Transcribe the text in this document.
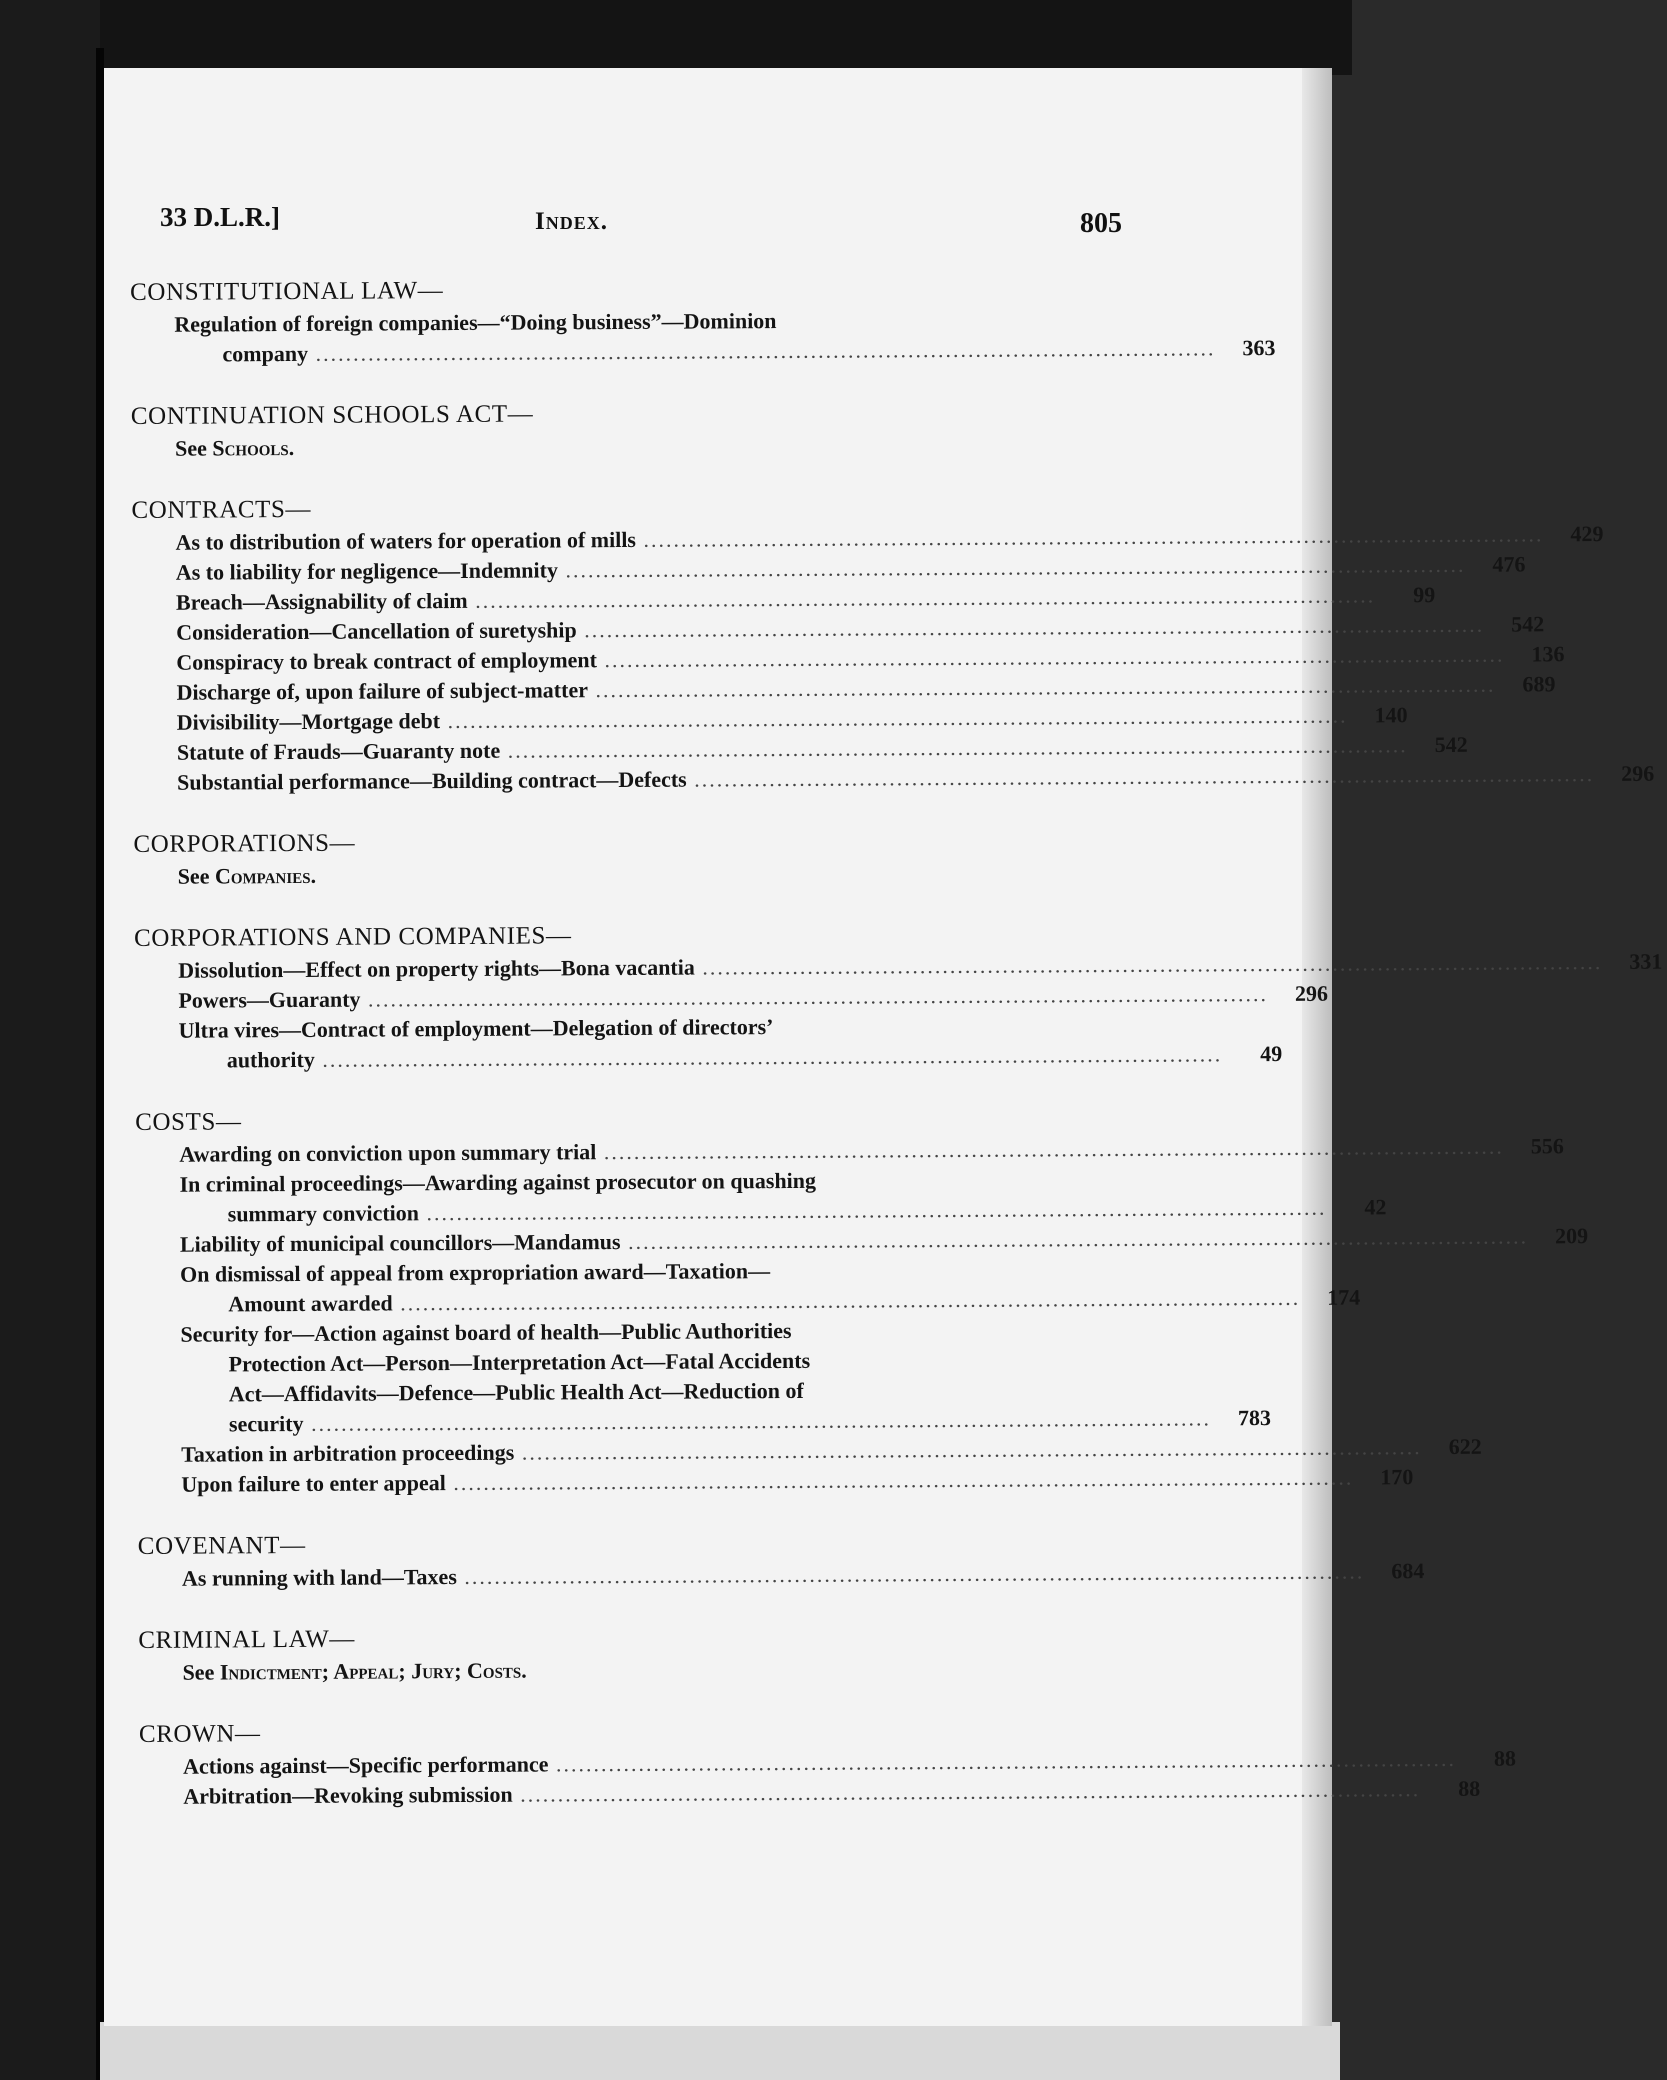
33 D.L.R.]	Index.	805
CONSTITUTIONAL LAW—
Regulation of foreign companies—“Doing business”—Dominion
company ........................................................................................................................	363
CONTINUATION SCHOOLS ACT—
See Schools.
CONTRACTS—
As to distribution of waters for operation of mills ........................................................................................................................	429
As to liability for negligence—Indemnity ........................................................................................................................	476
Breach—Assignability of claim ........................................................................................................................	99
Consideration—Cancellation of suretyship ........................................................................................................................	542
Conspiracy to break contract of employment ........................................................................................................................	136
Discharge of, upon failure of subject-matter ........................................................................................................................	689
Divisibility—Mortgage debt ........................................................................................................................	140
Statute of Frauds—Guaranty note ........................................................................................................................	542
Substantial performance—Building contract—Defects ........................................................................................................................	296
CORPORATIONS—
See Companies.
CORPORATIONS AND COMPANIES—
Dissolution—Effect on property rights—Bona vacantia ........................................................................................................................	331
Powers—Guaranty ........................................................................................................................	296
Ultra vires—Contract of employment—Delegation of directors’
authority ........................................................................................................................	49
COSTS—
Awarding on conviction upon summary trial ........................................................................................................................	556
In criminal proceedings—Awarding against prosecutor on quashing
summary conviction ........................................................................................................................	42
Liability of municipal councillors—Mandamus ........................................................................................................................	209
On dismissal of appeal from expropriation award—Taxation—
Amount awarded ........................................................................................................................	174
Security for—Action against board of health—Public Authorities
Protection Act—Person—Interpretation Act—Fatal Accidents
Act—Affidavits—Defence—Public Health Act—Reduction of
security ........................................................................................................................	783
Taxation in arbitration proceedings ........................................................................................................................	622
Upon failure to enter appeal ........................................................................................................................	170
COVENANT—
As running with land—Taxes ........................................................................................................................	684
CRIMINAL LAW—
See Indictment; Appeal; Jury; Costs.
CROWN—
Actions against—Specific performance ........................................................................................................................	88
Arbitration—Revoking submission ........................................................................................................................	88
